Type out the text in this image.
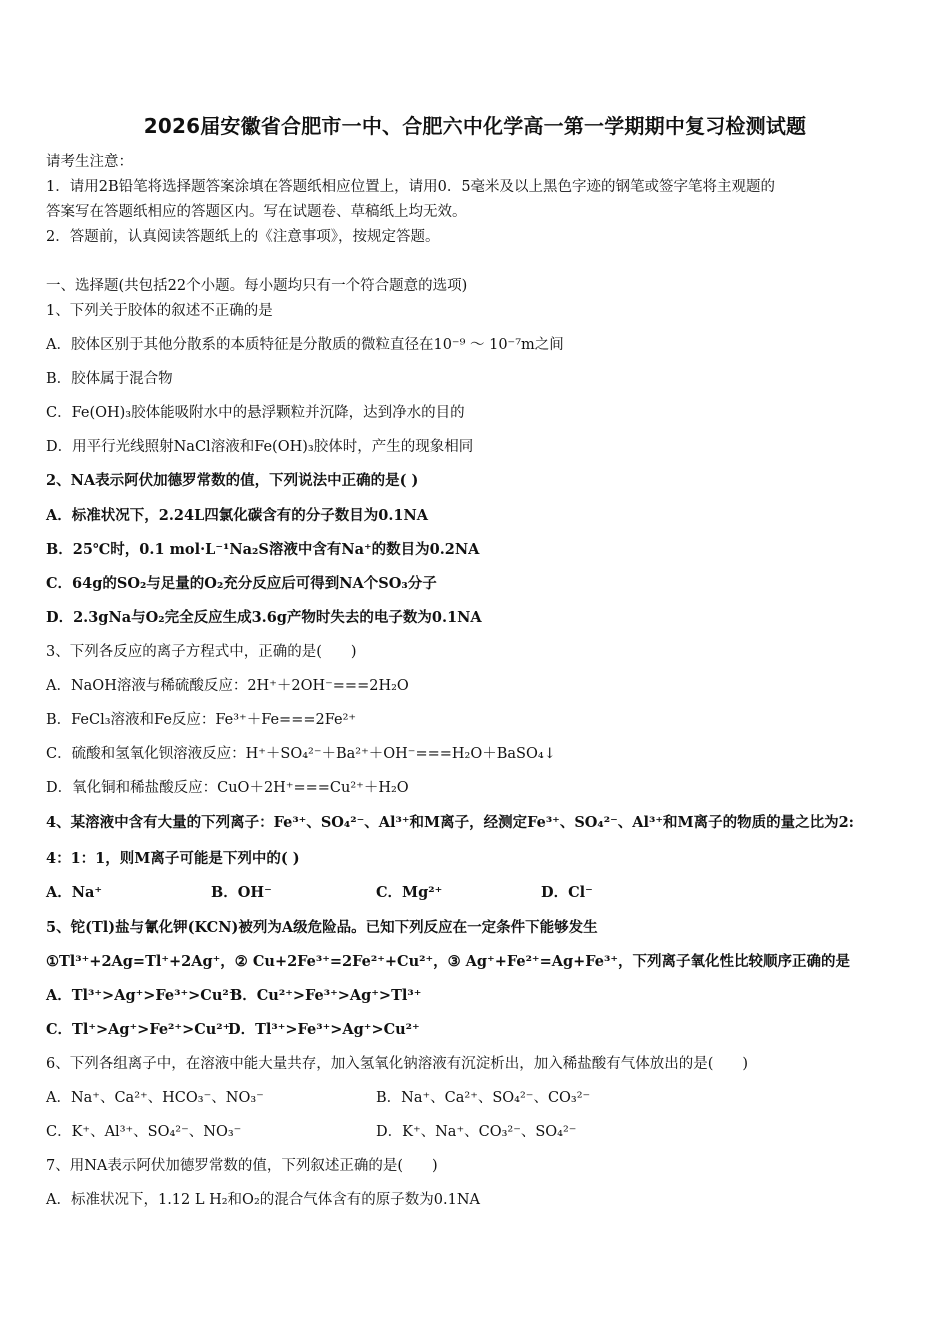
2026届安徽省合肥市一中、合肥六中化学高一第一学期期中复习检测试题
请考生注意：
1．请用2B铅笔将选择题答案涂填在答题纸相应位置上，请用0．5毫米及以上黑色字迹的钢笔或签字笔将主观题的
答案写在答题纸相应的答题区内。写在试题卷、草稿纸上均无效。
2．答题前，认真阅读答题纸上的《注意事项》，按规定答题。
一、选择题(共包括22个小题。每小题均只有一个符合题意的选项)
1、下列关于胶体的叙述不正确的是
A．胶体区别于其他分散系的本质特征是分散质的微粒直径在10⁻⁹ ～ 10⁻⁷m之间
B．胶体属于混合物
C．Fe(OH)₃胶体能吸附水中的悬浮颗粒并沉降，达到净水的目的
D．用平行光线照射NaCl溶液和Fe(OH)₃胶体时，产生的现象相同
2、NA表示阿伏加德罗常数的值，下列说法中正确的是( )
A．标准状况下，2.24L四氯化碳含有的分子数目为0.1NA
B．25℃时，0.1 mol·L⁻¹Na₂S溶液中含有Na⁺的数目为0.2NA
C．64g的SO₂与足量的O₂充分反应后可得到NA个SO₃分子
D．2.3gNa与O₂完全反应生成3.6g产物时失去的电子数为0.1NA
3、下列各反应的离子方程式中，正确的是(　　)
A．NaOH溶液与稀硫酸反应：2H⁺＋2OH⁻===2H₂O
B．FeCl₃溶液和Fe反应：Fe³⁺＋Fe===2Fe²⁺
C．硫酸和氢氧化钡溶液反应：H⁺＋SO₄²⁻＋Ba²⁺＋OH⁻===H₂O＋BaSO₄↓
D．氧化铜和稀盐酸反应：CuO＋2H⁺===Cu²⁺＋H₂O
4、某溶液中含有大量的下列离子：Fe³⁺、SO₄²⁻、Al³⁺和M离子，经测定Fe³⁺、SO₄²⁻、Al³⁺和M离子的物质的量之比为2:
4：1：1，则M离子可能是下列中的( )
A．Na⁺	B．OH⁻	C．Mg²⁺	D．Cl⁻
5、铊(Tl)盐与氰化钾(KCN)被列为A级危险品。已知下列反应在一定条件下能够发生
①Tl³⁺+2Ag=Tl⁺+2Ag⁺，② Cu+2Fe³⁺=2Fe²⁺+Cu²⁺，③ Ag⁺+Fe²⁺=Ag+Fe³⁺，下列离子氧化性比较顺序正确的是
A．Tl³⁺>Ag⁺>Fe³⁺>Cu²⁺B．Cu²⁺>Fe³⁺>Ag⁺>Tl³⁺
C．Tl⁺>Ag⁺>Fe²⁺>Cu²⁺D．Tl³⁺>Fe³⁺>Ag⁺>Cu²⁺
6、下列各组离子中，在溶液中能大量共存，加入氢氧化钠溶液有沉淀析出，加入稀盐酸有气体放出的是(　　)
A．Na⁺、Ca²⁺、HCO₃⁻、NO₃⁻	B．Na⁺、Ca²⁺、SO₄²⁻、CO₃²⁻
C．K⁺、Al³⁺、SO₄²⁻、NO₃⁻	D．K⁺、Na⁺、CO₃²⁻、SO₄²⁻
7、用NA表示阿伏加德罗常数的值，下列叙述正确的是(　　)
A．标准状况下，1.12 L H₂和O₂的混合气体含有的原子数为0.1NA
